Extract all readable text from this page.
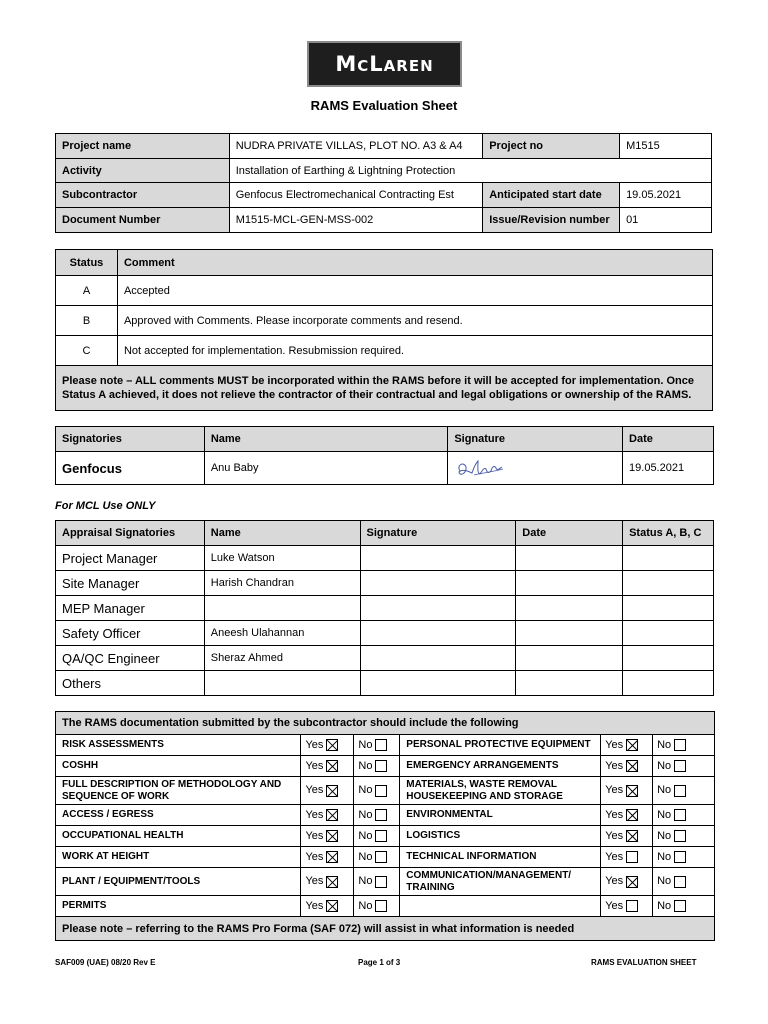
McLaren
RAMS Evaluation Sheet
Project name	NUDRA PRIVATE VILLAS, PLOT NO. A3 & A4	Project no	M1515
Activity	Installation of Earthing & Lightning Protection		
Subcontractor	Genfocus Electromechanical Contracting Est	Anticipated start date	19.05.2021
Document Number	M1515-MCL-GEN-MSS-002	Issue/Revision number	01
Status	Comment
A	Accepted
B	Approved with Comments. Please incorporate comments and resend.
C	Not accepted for implementation. Resubmission required.
Please note – ALL comments MUST be incorporated within the RAMS before it will be accepted for implementation. Once Status A achieved, it does not relieve the contractor of their contractual and legal obligations or ownership of the RAMS.	
Signatories	Name	Signature	Date
Genfocus	Anu Baby		19.05.2021
For MCL Use ONLY
Appraisal Signatories	Name	Signature	Date	Status A, B, C
Project Manager	Luke Watson			
Site Manager	Harish Chandran			
MEP Manager				
Safety Officer	Aneesh Ulahannan			
QA/QC Engineer	Sheraz Ahmed			
Others				
The RAMS documentation submitted by the subcontractor should include the following					
RISK ASSESSMENTS	Yes	No	PERSONAL PROTECTIVE EQUIPMENT	Yes	No
COSHH	Yes	No	EMERGENCY ARRANGEMENTS	Yes	No
FULL DESCRIPTION OF METHODOLOGY AND SEQUENCE OF WORK	Yes	No	MATERIALS, WASTE REMOVAL HOUSEKEEPING AND STORAGE	Yes	No
ACCESS / EGRESS	Yes	No	ENVIRONMENTAL	Yes	No
OCCUPATIONAL HEALTH	Yes	No	LOGISTICS	Yes	No
WORK AT HEIGHT	Yes	No	TECHNICAL INFORMATION	Yes	No
PLANT / EQUIPMENT/TOOLS	Yes	No	COMMUNICATION/MANAGEMENT/ TRAINING	Yes	No
PERMITS	Yes	No		Yes	No
Please note – referring to the RAMS Pro Forma (SAF 072) will assist in what information is needed					
SAF009 (UAE) 08/20 Rev E	Page 1 of 3	RAMS EVALUATION SHEET
